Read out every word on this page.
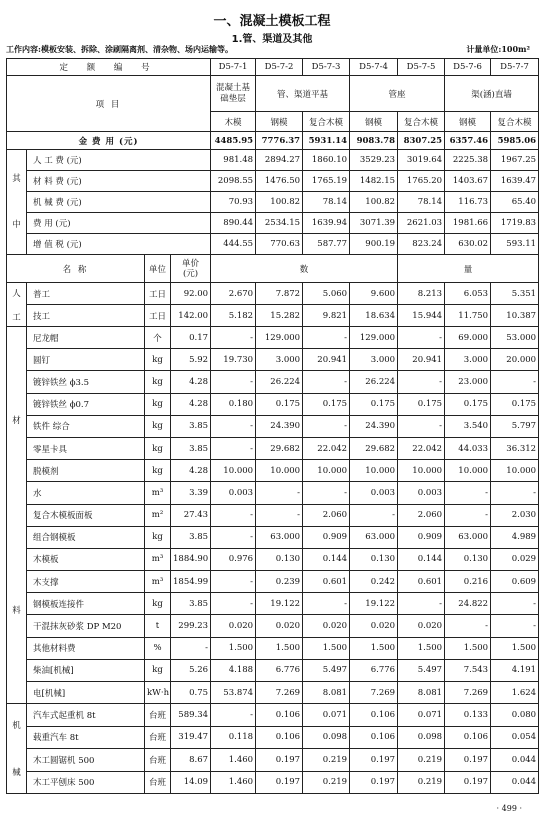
一、混凝土模板工程
1.管、渠道及其他
工作内容:模板安装、拆除、涂刷隔离剂、清杂物、场内运输等。	计量单位:100m²
定 额 编 号				D5-7-1	D5-7-2	D5-7-3	D5-7-4	D5-7-5	D5-7-6	D5-7-7
项 目				混凝土基础垫层	管、渠道平基		管座		渠(涵)直墙	
				木模	钢模	复合木模	钢模	复合木模	钢模	复合木模
金 费 用 (元)				4485.95	7776.37	5931.14	9083.78	8307.25	6357.46	5985.06

其
中	人 工 费 (元)			981.48	2894.27	1860.10	3529.23	3019.64	2225.38	1967.25
	材 料 费 (元)			2098.55	1476.50	1765.19	1482.15	1765.20	1403.67	1639.47
	机 械 费 (元)			70.93	100.82	78.14	100.82	78.14	116.73	65.40
	费 用 (元)			890.44	2534.15	1639.94	3071.39	2621.03	1981.66	1719.83
	增 值 税 (元)			444.55	770.63	587.77	900.19	823.24	630.02	593.11
名 称		单位	单价
(元)	数				量		

人
工	普工	工日	92.00	2.670	7.872	5.060	9.600	8.213	6.053	5.351
	技工	工日	142.00	5.182	15.282	9.821	18.634	15.944	11.750	10.387

材
料	尼龙帽	个	0.17	-	129.000	-	129.000	-	69.000	53.000
	圆钉	kg	5.92	19.730	3.000	20.941	3.000	20.941	3.000	20.000
	镀锌铁丝 ϕ3.5	kg	4.28	-	26.224	-	26.224	-	23.000	-
	镀锌铁丝 ϕ0.7	kg	4.28	0.180	0.175	0.175	0.175	0.175	0.175	0.175
	铁件 综合	kg	3.85	-	24.390	-	24.390	-	3.540	5.797
	零星卡具	kg	3.85	-	29.682	22.042	29.682	22.042	44.033	36.312
	脱模剂	kg	4.28	10.000	10.000	10.000	10.000	10.000	10.000	10.000
	水	m³	3.39	0.003	-	-	0.003	0.003	-	-
	复合木模板面板	m²	27.43	-	-	2.060	-	2.060	-	2.030
	组合钢模板	kg	3.85	-	63.000	0.909	63.000	0.909	63.000	4.989
	木模板	m³	1884.90	0.976	0.130	0.144	0.130	0.144	0.130	0.029
	木支撑	m³	1854.99	-	0.239	0.601	0.242	0.601	0.216	0.609
	钢模板连接件	kg	3.85	-	19.122	-	19.122	-	24.822	-
	干混抹灰砂浆 DP M20	t	299.23	0.020	0.020	0.020	0.020	0.020	-	-
	其他材料费	%	-	1.500	1.500	1.500	1.500	1.500	1.500	1.500
	柴油[机械]	kg	5.26	4.188	6.776	5.497	6.776	5.497	7.543	4.191
	电[机械]	kW·h	0.75	53.874	7.269	8.081	7.269	8.081	7.269	1.624

机
械	汽车式起重机 8t	台班	589.34	-	0.106	0.071	0.106	0.071	0.133	0.080
	载重汽车 8t	台班	319.47	0.118	0.106	0.098	0.106	0.098	0.106	0.054
	木工圆锯机 500	台班	8.67	1.460	0.197	0.219	0.197	0.219	0.197	0.044
	木工平刨床 500	台班	14.09	1.460	0.197	0.219	0.197	0.219	0.197	0.044
· 499 ·
